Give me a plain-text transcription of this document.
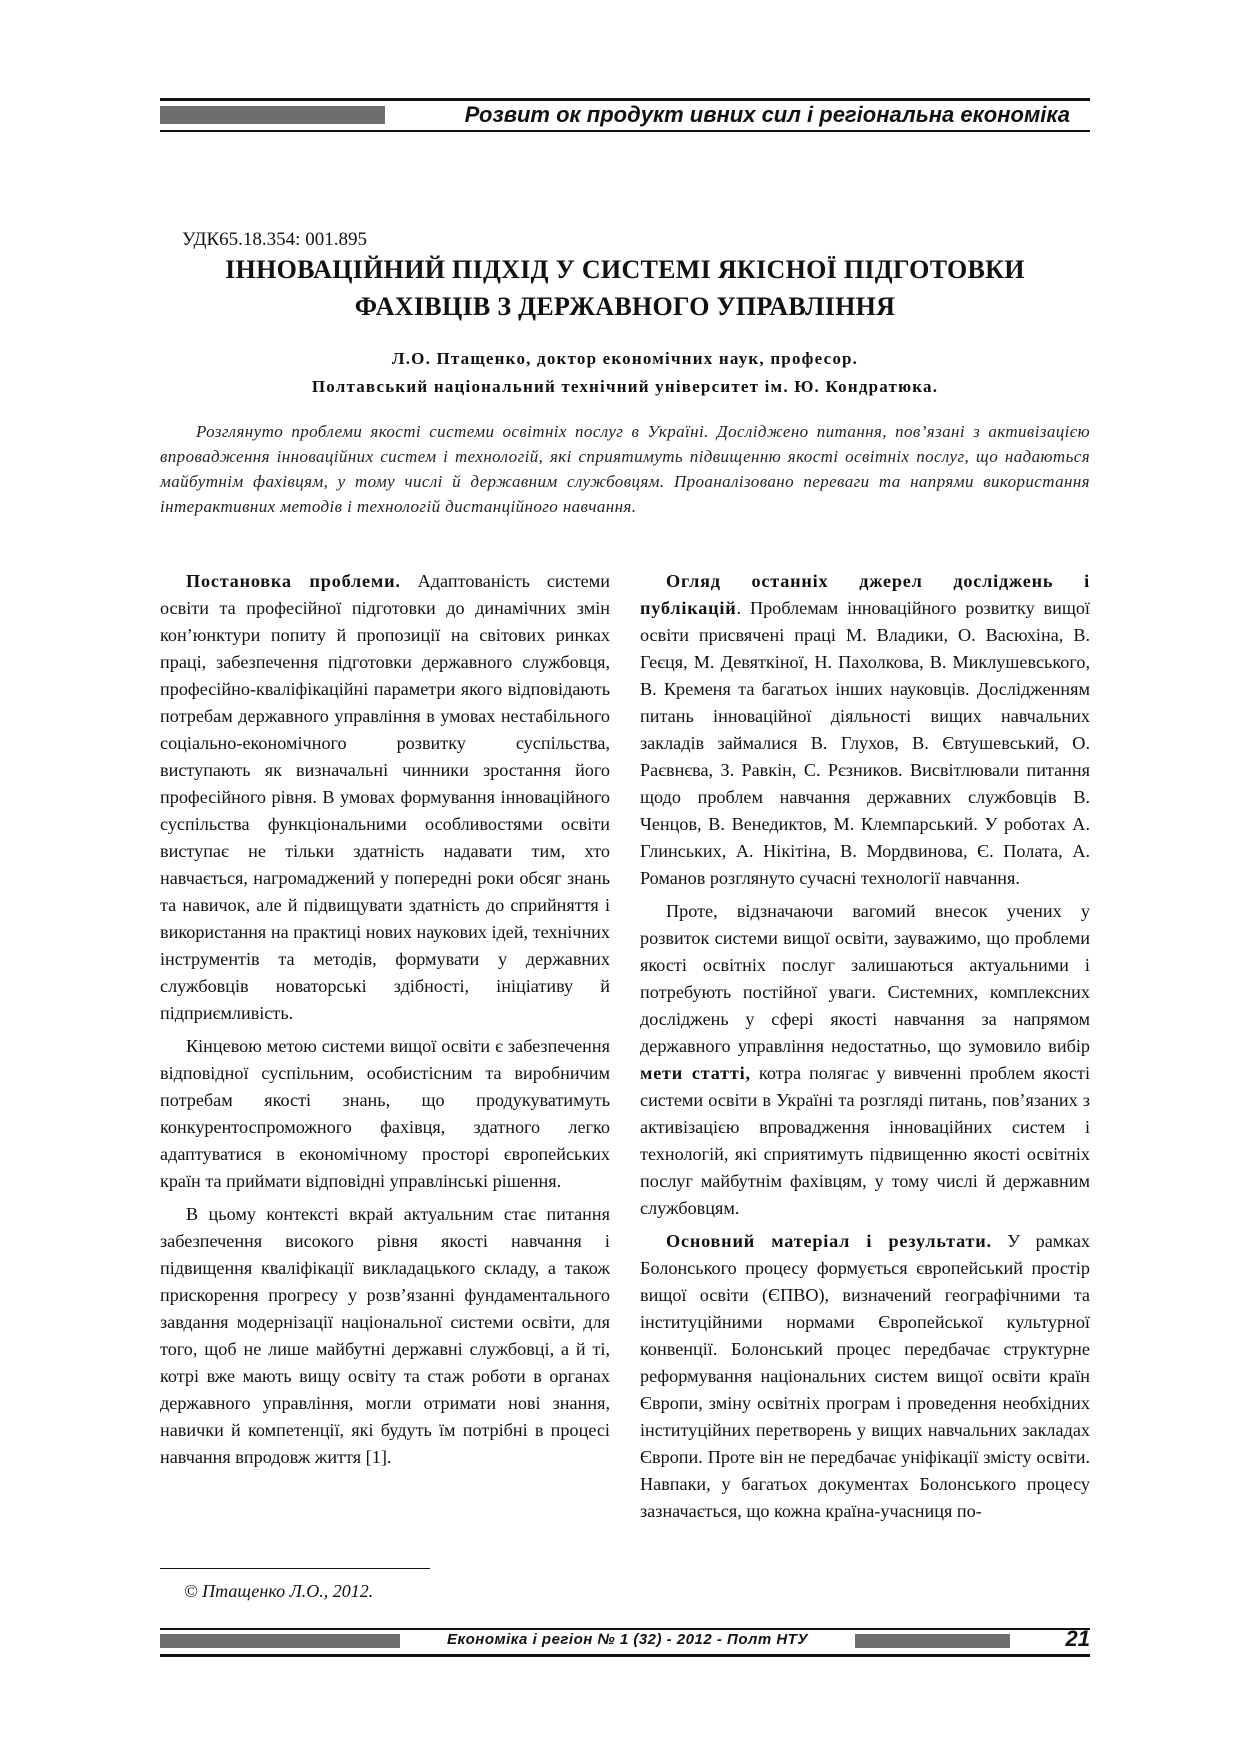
Розвит ок продукт ивних сил і регіональна економіка
УДК65.18.354: 001.895
ІННОВАЦІЙНИЙ ПІДХІД У СИСТЕМІ ЯКІСНОЇ ПІДГОТОВКИ
ФАХІВЦІВ З ДЕРЖАВНОГО УПРАВЛІННЯ
Л.О. Птащенко, доктор економічних наук, професор.
Полтавський національний технічний університет ім. Ю. Кондратюка.

Розглянуто проблеми якості системи освітніх послуг в Україні. Досліджено питання, пов’язані з активізацією впровадження інноваційних систем і технологій, які сприятимуть підвищенню якості освітніх послуг, що надаються майбутнім фахівцям, у тому числі й державним службовцям. Проаналізовано переваги та напрями використання інтерактивних методів і технологій дистанційного навчання.

Постановка проблеми. Адаптованість системи освіти та професійної підготовки до динамічних змін кон’юнктури попиту й пропозиції на світових ринках праці, забезпечення підготовки державного службовця, професійно-кваліфікаційні параметри якого відповідають потребам державного управління в умовах нестабільного соціально-економічного розвитку суспільства, виступають як визначальні чинники зростання його професійного рівня. В умовах формування інноваційного суспільства функціональними особливостями освіти виступає не тільки здатність надавати тим, хто навчається, нагромаджений у попередні роки обсяг знань та навичок, але й підвищувати здатність до сприйняття і використання на практиці нових наукових ідей, технічних інструментів та методів, формувати у державних службовців новаторські здібності, ініціативу й підприємливість.

Кінцевою метою системи вищої освіти є забезпечення відповідної суспільним, особистісним та виробничим потребам якості знань, що продукуватимуть конкурентоспроможного фахівця, здатного легко адаптуватися в економічному просторі європейських країн та приймати відповідні управлінські рішення.

В цьому контексті вкрай актуальним стає питання забезпечення високого рівня якості навчання і підвищення кваліфікації викладацького складу, а також прискорення прогресу у розв’язанні фундаментального завдання модернізації національної системи освіти, для того, щоб не лише майбутні державні службовці, а й ті, котрі вже мають вищу освіту та стаж роботи в органах державного управління, могли отримати нові знання, навички й компетенції, які будуть їм потрібні в процесі навчання впродовж життя [1].

Огляд останніх джерел досліджень і публікацій. Проблемам інноваційного розвитку вищої освіти присвячені праці М. Владики, О. Васюхіна, В. Геєця, М. Девяткіної, Н. Пахолкова, В. Миклушевського, В. Кременя та багатьох інших науковців. Дослідженням питань інноваційної діяльності вищих навчальних закладів займалися В. Глухов, В. Євтушевський, О. Раєвнєва, З. Равкін, С. Рєзников. Висвітлювали питання щодо проблем навчання державних службовців В. Ченцов, В. Венедиктов, М. Клемпарський. У роботах А. Глинських, А. Нікітіна, В. Мордвинова, Є. Полата, А. Романов розглянуто сучасні технології навчання.

Проте, відзначаючи вагомий внесок учених у розвиток системи вищої освіти, зауважимо, що проблеми якості освітніх послуг залишаються актуальними і потребують постійної уваги. Системних, комплексних досліджень у сфері якості навчання за напрямом державного управління недостатньо, що зумовило вибір мети статті, котра полягає у вивченні проблем якості системи освіти в Україні та розгляді питань, пов’язаних з активізацією впровадження інноваційних систем і технологій, які сприятимуть підвищенню якості освітніх послуг майбутнім фахівцям, у тому числі й державним службовцям.

Основний матеріал і результати. У рамках Болонського процесу формується європейський простір вищої освіти (ЄПВО), визначений географічними та інституційними нормами Європейської культурної конвенції. Болонський процес передбачає структурне реформування національних систем вищої освіти країн Європи, зміну освітніх програм і проведення необхідних інституційних перетворень у вищих навчальних закладах Європи. Проте він не передбачає уніфікації змісту освіти. Навпаки, у багатьох документах Болонського процесу зазначається, що кожна країна-учасниця по-

© Птащенко Л.О., 2012.
Економіка і регіон № 1 (32) - 2012 - Полт НТУ	21
